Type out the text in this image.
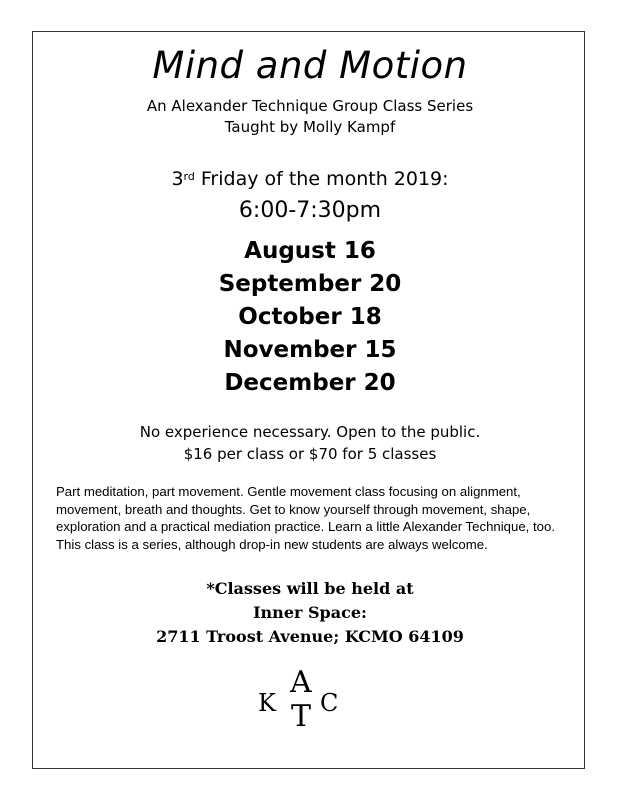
Mind and Motion
An Alexander Technique Group Class Series
Taught by Molly Kampf
3rd Friday of the month 2019:
6:00-7:30pm
August 16
September 20
October 18
November 15
December 20
No experience necessary. Open to the public.
$16 per class or $70 for 5 classes
Part meditation, part movement. Gentle movement class focusing on alignment, movement, breath and thoughts. Get to know yourself through movement, shape, exploration and a practical mediation practice. Learn a little Alexander Technique, too. This class is a series, although drop-in new students are always welcome.
*Classes will be held at
Inner Space:
2711 Troost Avenue; KCMO 64109
K
A
T C
